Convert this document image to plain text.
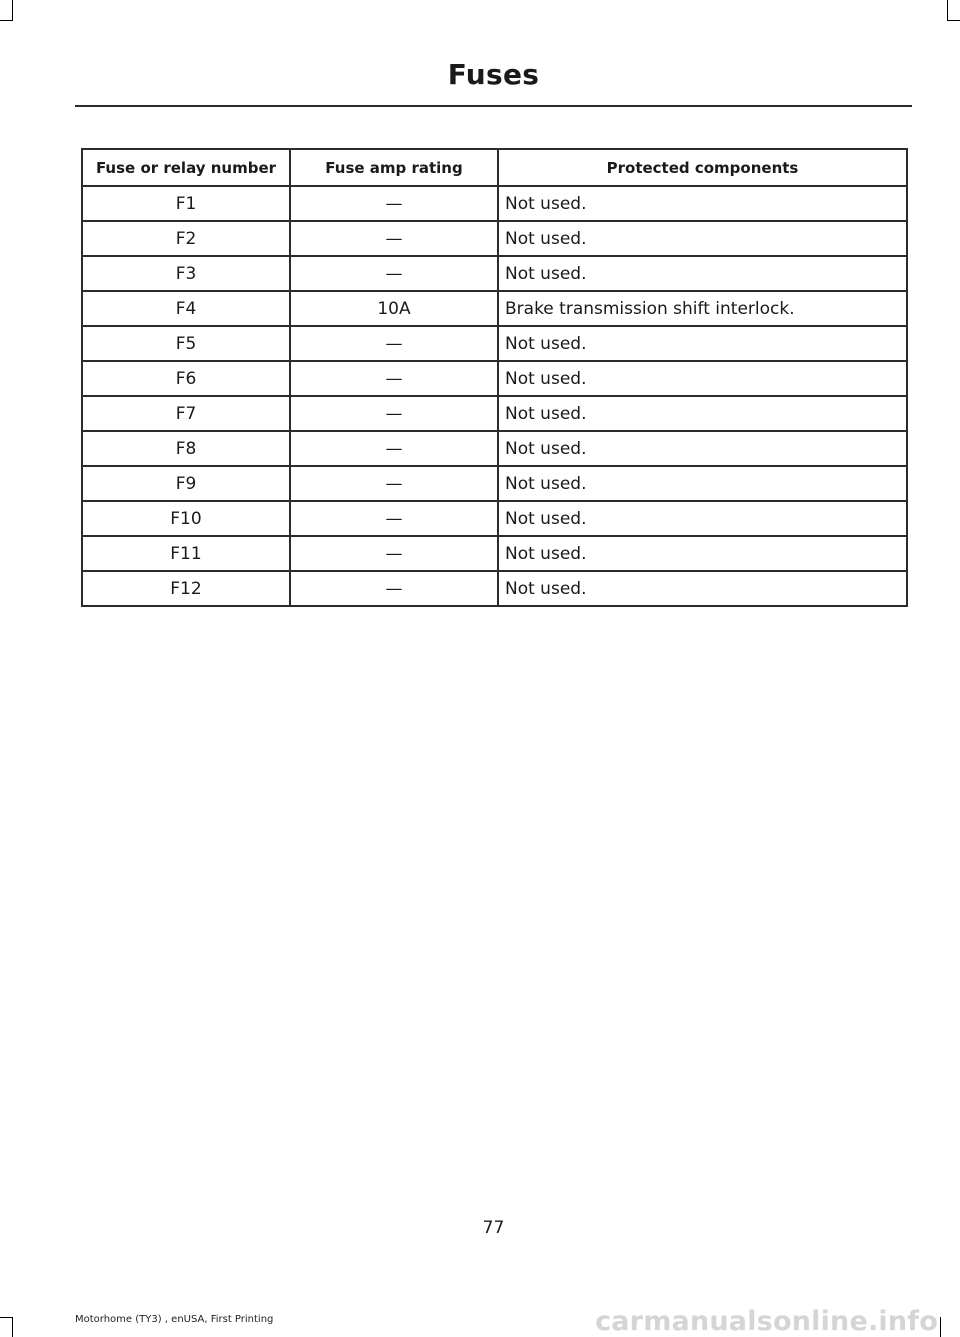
Fuses
Fuse or relay number	Fuse amp rating	Protected components
F1	—	Not used.
F2	—	Not used.
F3	—	Not used.
F4	10A	Brake transmission shift interlock.
F5	—	Not used.
F6	—	Not used.
F7	—	Not used.
F8	—	Not used.
F9	—	Not used.
F10	—	Not used.
F11	—	Not used.
F12	—	Not used.
77
Motorhome (TY3) , enUSA, First Printing	carmanualsonline.info
